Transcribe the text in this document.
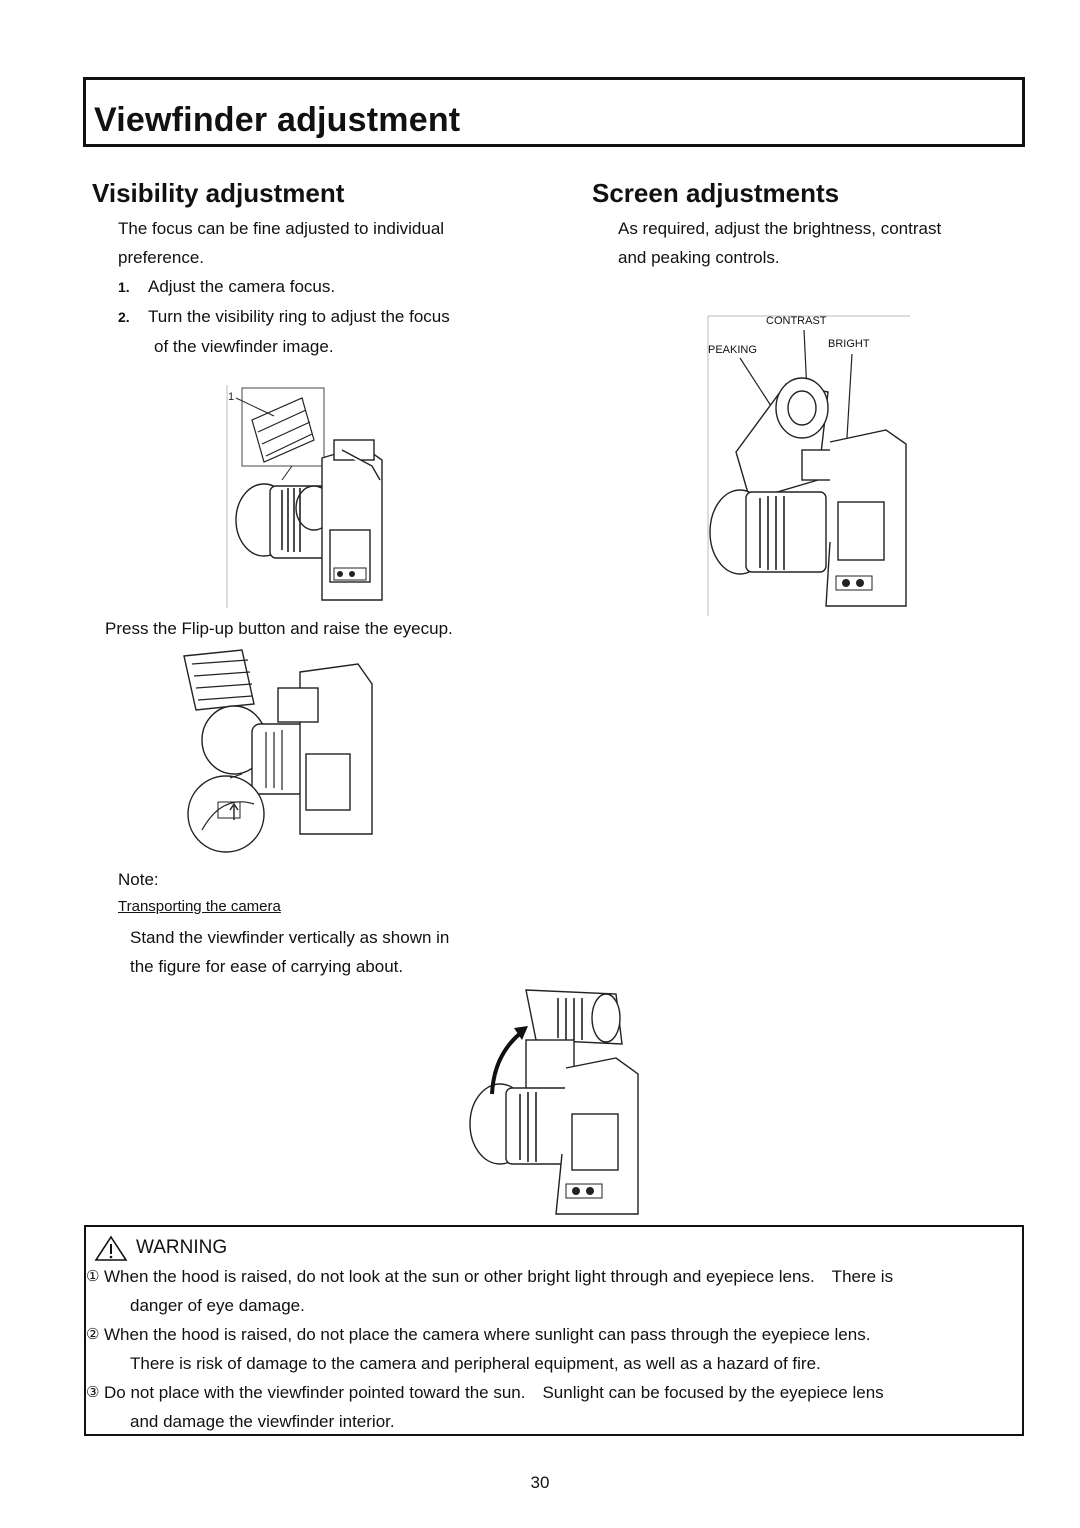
Viewfinder adjustment
Visibility adjustment
The focus can be fine adjusted to individual
preference.
1. Adjust the camera focus.
2. Turn the visibility ring to adjust the focus
of the viewfinder image.
1
Press the Flip-up button and raise the eyecup.
Note:
Transporting the camera
Stand the viewfinder vertically as shown in
the figure for ease of carrying about.
Screen adjustments
As required, adjust the brightness, contrast
and peaking controls.
CONTRAST
PEAKING	BRIGHT
WARNING
① When the hood is raised, do not look at the sun or other bright light through and eyepiece lens.　There is
danger of eye damage.
② When the hood is raised, do not place the camera where sunlight can pass through the eyepiece lens.
There is risk of damage to the camera and peripheral equipment, as well as a hazard of fire.
③ Do not place with the viewfinder pointed toward the sun.　Sunlight can be focused by the eyepiece lens
and damage the viewfinder interior.
30
